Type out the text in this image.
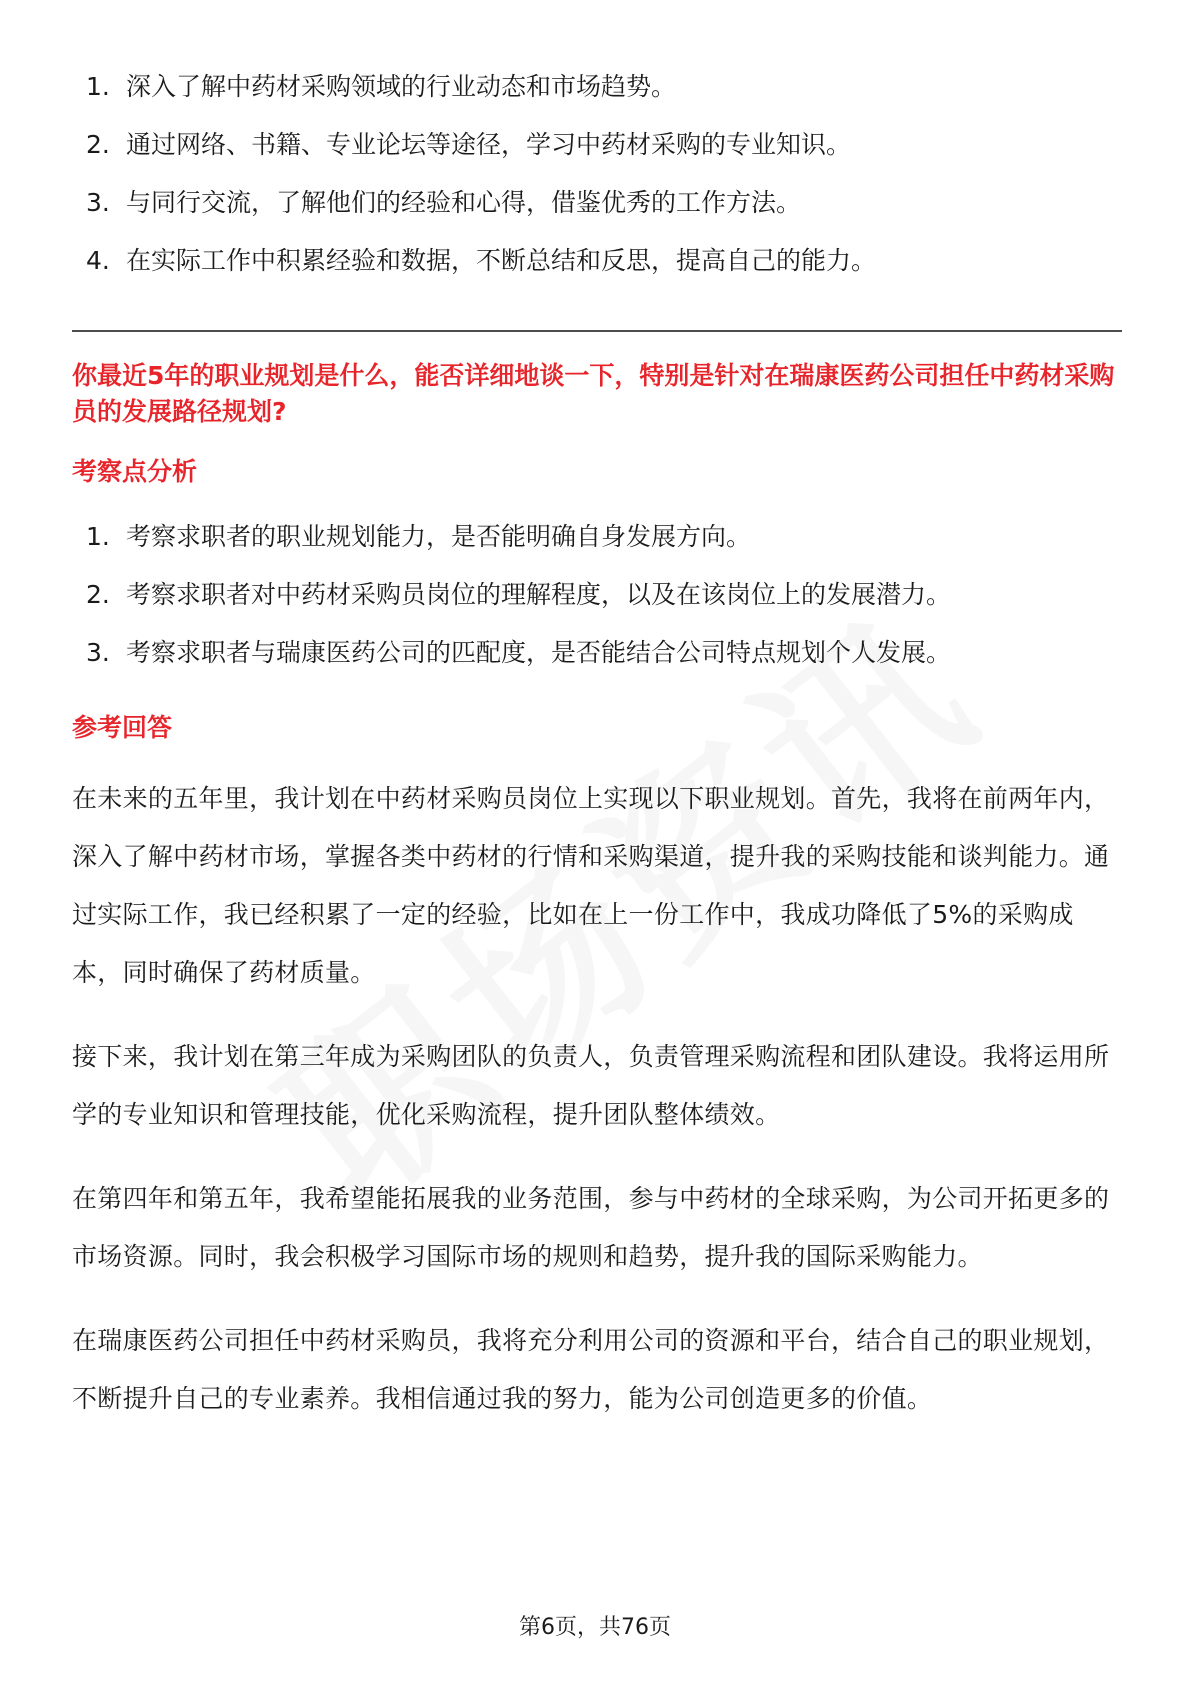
1. 深入了解中药材采购领域的行业动态和市场趋势。
2. 通过网络、书籍、专业论坛等途径，学习中药材采购的专业知识。
3. 与同行交流，了解他们的经验和心得，借鉴优秀的工作方法。
4. 在实际工作中积累经验和数据，不断总结和反思，提高自己的能力。
你最近5年的职业规划是什么，能否详细地谈一下，特别是针对在瑞康医药公司担任中药材采购员的发展路径规划?
考察点分析
1. 考察求职者的职业规划能力，是否能明确自身发展方向。
2. 考察求职者对中药材采购员岗位的理解程度，以及在该岗位上的发展潜力。
3. 考察求职者与瑞康医药公司的匹配度，是否能结合公司特点规划个人发展。
参考回答

在未来的五年里，我计划在中药材采购员岗位上实现以下职业规划。首先，我将在前两年内，深入了解中药材市场，掌握各类中药材的行情和采购渠道，提升我的采购技能和谈判能力。通过实际工作，我已经积累了一定的经验，比如在上一份工作中，我成功降低了5%的采购成本，同时确保了药材质量。

接下来，我计划在第三年成为采购团队的负责人，负责管理采购流程和团队建设。我将运用所学的专业知识和管理技能，优化采购流程，提升团队整体绩效。

在第四年和第五年，我希望能拓展我的业务范围，参与中药材的全球采购，为公司开拓更多的市场资源。同时，我会积极学习国际市场的规则和趋势，提升我的国际采购能力。

在瑞康医药公司担任中药材采购员，我将充分利用公司的资源和平台，结合自己的职业规划，不断提升自己的专业素养。我相信通过我的努力，能为公司创造更多的价值。

第6页，共76页
